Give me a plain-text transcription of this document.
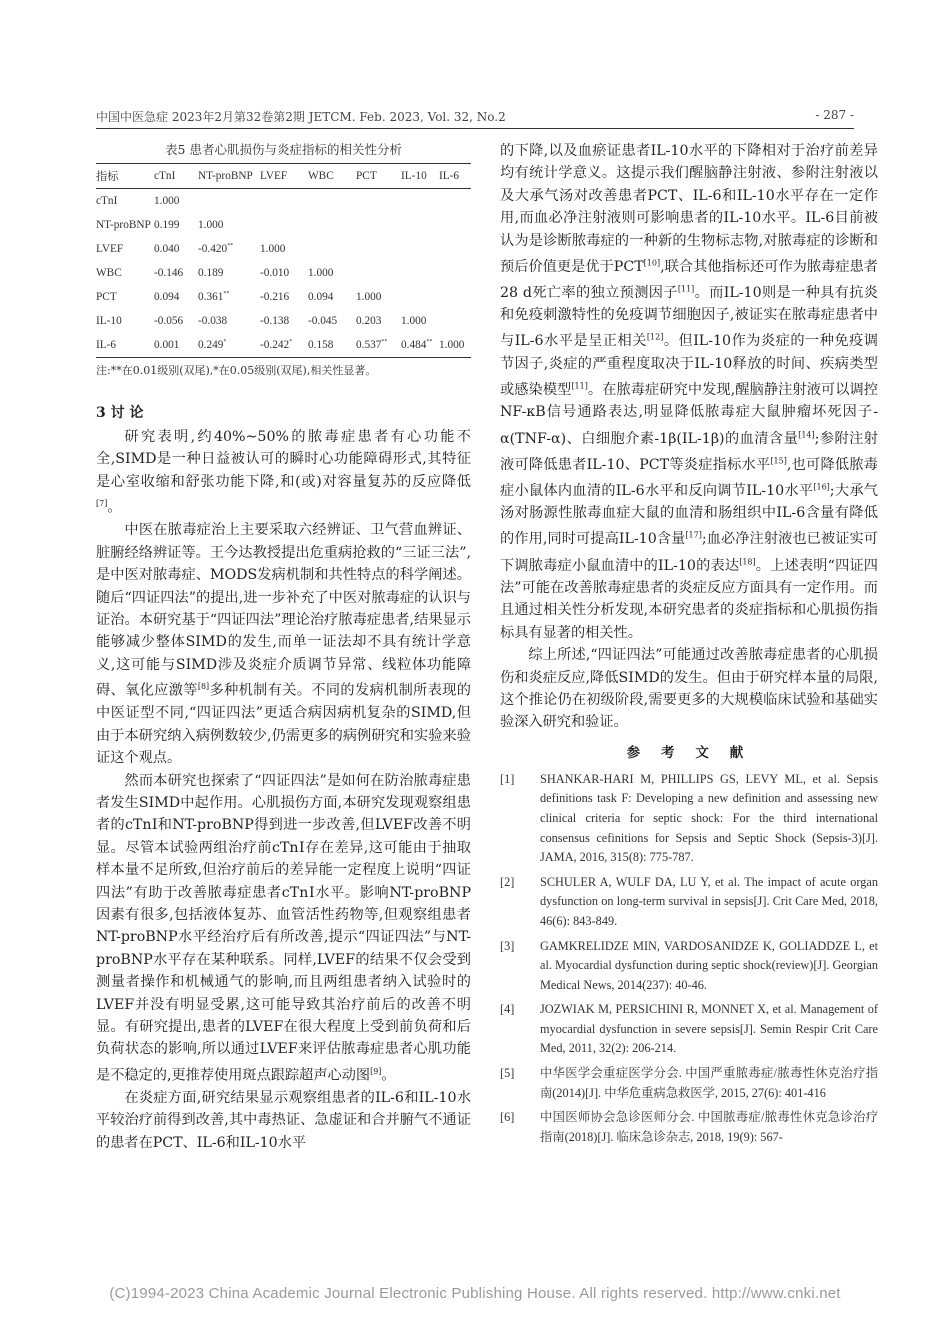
中国中医急症 2023年2月第32卷第2期 JETCM. Feb. 2023, Vol. 32, No.2	- 287 -
表5 患者心肌损伤与炎症指标的相关性分析
指标	cTnI	NT-proBNP	LVEF	WBC	PCT	IL-10	IL-6
cTnI	1.000						
NT-proBNP	0.199	1.000					
LVEF	0.040	-0.420**	1.000				
WBC	-0.146	0.189	-0.010	1.000			
PCT	0.094	0.361**	-0.216	0.094	1.000		
IL-10	-0.056	-0.038	-0.138	-0.045	0.203	1.000	
IL-6	0.001	0.249*	-0.242*	0.158	0.537**	0.484**	1.000
注:**在0.01级别(双尾),*在0.05级别(双尾),相关性显著。
3 讨 论

研究表明,约40%~50%的脓毒症患者有心功能不全,SIMD是一种日益被认可的瞬时心功能障碍形式,其特征是心室收缩和舒张功能下降,和(或)对容量复苏的反应降低[7]。

中医在脓毒症治上主要采取六经辨证、卫气营血辨证、脏腑经络辨证等。王今达教授提出危重病抢救的“三证三法”,是中医对脓毒症、MODS发病机制和共性特点的科学阐述。随后“四证四法”的提出,进一步补充了中医对脓毒症的认识与证治。本研究基于“四证四法”理论治疗脓毒症患者,结果显示能够减少整体SIMD的发生,而单一证法却不具有统计学意义,这可能与SIMD涉及炎症介质调节异常、线粒体功能障碍、氧化应激等[8]多种机制有关。不同的发病机制所表现的中医证型不同,“四证四法”更适合病因病机复杂的SIMD,但由于本研究纳入病例数较少,仍需更多的病例研究和实验来验证这个观点。

然而本研究也探索了“四证四法”是如何在防治脓毒症患者发生SIMD中起作用。心肌损伤方面,本研究发现观察组患者的cTnⅠ和NT-proBNP得到进一步改善,但LVEF改善不明显。尽管本试验两组治疗前cTnⅠ存在差异,这可能由于抽取样本量不足所致,但治疗前后的差异能一定程度上说明“四证四法”有助于改善脓毒症患者cTnⅠ水平。影响NT-proBNP因素有很多,包括液体复苏、血管活性药物等,但观察组患者NT-proBNP水平经治疗后有所改善,提示“四证四法”与NT-proBNP水平存在某种联系。同样,LVEF的结果不仅会受到测量者操作和机械通气的影响,而且两组患者纳入试验时的LVEF并没有明显受累,这可能导致其治疗前后的改善不明显。有研究提出,患者的LVEF在很大程度上受到前负荷和后负荷状态的影响,所以通过LVEF来评估脓毒症患者心肌功能是不稳定的,更推荐使用斑点跟踪超声心动图[9]。

在炎症方面,研究结果显示观察组患者的IL-6和IL-10水平较治疗前得到改善,其中毒热证、急虚证和合并腑气不通证的患者在PCT、IL-6和IL-10水平

的下降,以及血瘀证患者IL-10水平的下降相对于治疗前差异均有统计学意义。这提示我们醒脑静注射液、参附注射液以及大承气汤对改善患者PCT、IL-6和IL-10水平存在一定作用,而血必净注射液则可影响患者的IL-10水平。IL-6目前被认为是诊断脓毒症的一种新的生物标志物,对脓毒症的诊断和预后价值更是优于PCT[10],联合其他指标还可作为脓毒症患者28 d死亡率的独立预测因子[11]。而IL-10则是一种具有抗炎和免疫刺激特性的免疫调节细胞因子,被证实在脓毒症患者中与IL-6水平是呈正相关[12]。但IL-10作为炎症的一种免疫调节因子,炎症的严重程度取决于IL-10释放的时间、疾病类型或感染模型[11]。在脓毒症研究中发现,醒脑静注射液可以调控NF-κB信号通路表达,明显降低脓毒症大鼠肿瘤坏死因子-α(TNF-α)、白细胞介素-1β(IL-1β)的血清含量[14];参附注射液可降低患者IL-10、PCT等炎症指标水平[15],也可降低脓毒症小鼠体内血清的IL-6水平和反向调节IL-10水平[16];大承气汤对肠源性脓毒血症大鼠的血清和肠组织中IL-6含量有降低的作用,同时可提高IL-10含量[17];血必净注射液也已被证实可下调脓毒症小鼠血清中的IL-10的表达[18]。上述表明“四证四法”可能在改善脓毒症患者的炎症反应方面具有一定作用。而且通过相关性分析发现,本研究患者的炎症指标和心肌损伤指标具有显著的相关性。

综上所述,“四证四法”可能通过改善脓毒症患者的心肌损伤和炎症反应,降低SIMD的发生。但由于研究样本量的局限,这个推论仍在初级阶段,需要更多的大规模临床试验和基础实验深入研究和验证。

参 考 文 献
[1] SHANKAR-HARI M, PHILLIPS GS, LEVY ML, et al. Sepsis definitions task F: Developing a new definition and assessing new clinical criteria for septic shock: For the third international consensus cefinitions for Sepsis and Septic Shock (Sepsis-3)[J]. JAMA, 2016, 315(8): 775-787.
[2] SCHULER A, WULF DA, LU Y, et al. The impact of acute organ dysfunction on long-term survival in sepsis[J]. Crit Care Med, 2018, 46(6): 843-849.
[3] GAMKRELIDZE MIN, VARDOSANIDZE K, GOLIADDZE L, et al. Myocardial dysfunction during septic shock(review)[J]. Georgian Medical News, 2014(237): 40-46.
[4] JOZWIAK M, PERSICHINI R, MONNET X, et al. Management of myocardial dysfunction in severe sepsis[J]. Semin Respir Crit Care Med, 2011, 32(2): 206-214.
[5] 中华医学会重症医学分会. 中国严重脓毒症/脓毒性休克治疗指南(2014)[J]. 中华危重病急救医学, 2015, 27(6): 401-416
[6] 中国医师协会急诊医师分会. 中国脓毒症/脓毒性休克急诊治疗指南(2018)[J]. 临床急诊杂志, 2018, 19(9): 567-
(C)1994-2023 China Academic Journal Electronic Publishing House. All rights reserved. http://www.cnki.net
